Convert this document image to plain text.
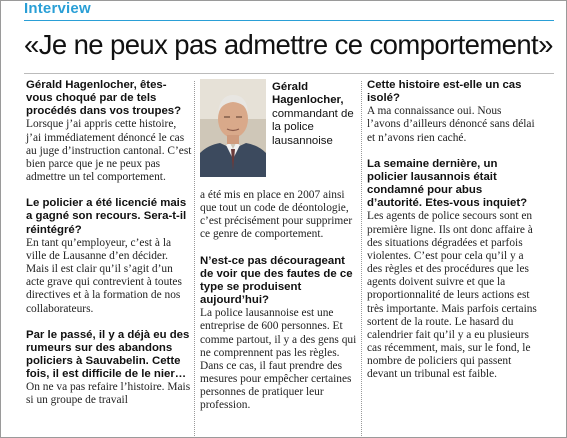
Interview
«Je ne peux pas admettre ce comportement»

Gérald Hagenlocher, êtes-vous choqué par de tels procédés dans vos troupes?

Lorsque j’ai appris cette histoire, j’ai immédiatement dénoncé le cas au juge d’instruction cantonal. C’est bien parce que je ne peux pas admettre un tel comportement.

Le policier a été licencié mais a gagné son recours. Sera-t-il réintégré?

En tant qu’employeur, c’est à la ville de Lausanne d’en décider. Mais il est clair qu’il s’agit d’un acte grave qui contrevient à toutes directives et à la formation de nos collaborateurs.

Par le passé, il y a déjà eu des rumeurs sur des abandons policiers à Sauvabelin. Cette fois, il est difficile de le nier…

On ne va pas refaire l’histoire. Mais si un groupe de travail

Gérald Hagenlocher,
commandant de la police lausannoise

a été mis en place en 2007 ainsi que tout un code de déontologie, c’est précisément pour supprimer ce genre de comportement.

N’est-ce pas décourageant de voir que des fautes de ce type se produisent aujourd’hui?

La police lausannoise est une entreprise de 600 personnes. Et comme partout, il y a des gens qui ne comprennent pas les règles. Dans ce cas, il faut prendre des mesures pour empêcher certaines personnes de pratiquer leur profession.

Cette histoire est-elle un cas isolé?

A ma connaissance oui. Nous l’avons d’ailleurs dénoncé sans délai et n’avons rien caché.

La semaine dernière, un policier lausannois était condamné pour abus d’autorité. Etes-vous inquiet?

Les agents de police secours sont en première ligne. Ils ont donc affaire à des situations dégradées et parfois violentes. C’est pour cela qu’il y a des règles et des procédures que les agents doivent suivre et que la proportionnalité de leurs actions est très importante. Mais parfois certains sortent de la route. Le hasard du calendrier fait qu’il y a eu plusieurs cas récemment, mais, sur le fond, le nombre de policiers qui passent devant un tribunal est faible.
